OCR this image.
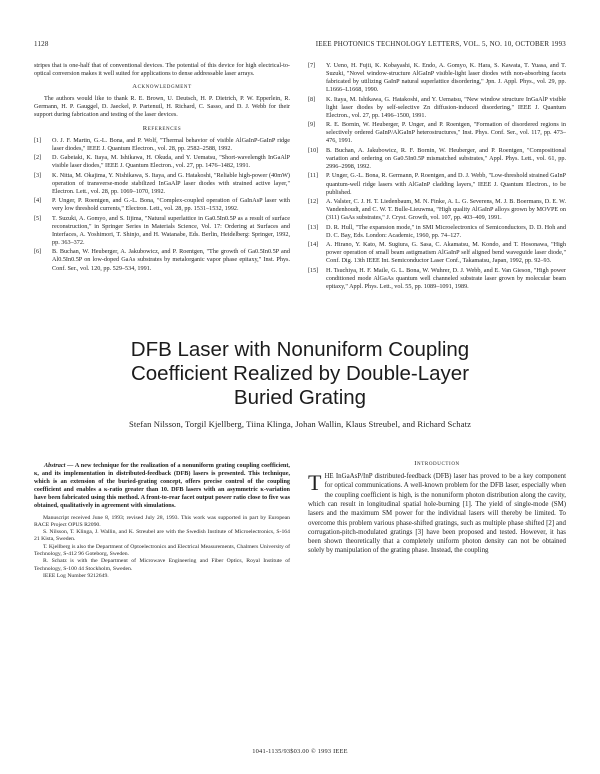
1128	IEEE PHOTONICS TECHNOLOGY LETTERS, VOL. 5, NO. 10, OCTOBER 1993

stripes that is one-half that of conventional devices. The potential of this device for high electrical-to-optical conversion makes it well suited for applications to dense addressable laser arrays.

Acknowledgment

The authors would like to thank R. E. Brown, U. Deutsch, H. P. Dietrich, P. W. Epperlein, R. Germann, H. P. Gauggel, D. Jaeckel, P. Partenuil, H. Richard, C. Sasso, and D. J. Webb for their support during fabrication and testing of the laser devices.

References
[1]	O. J. F. Martin, G.-L. Bona, and P. Wolf, "Thermal behavior of visible AlGaInP-GaInP ridge laser diodes," IEEE J. Quantum Electron., vol. 28, pp. 2582–2588, 1992.
[2]	D. Gabeiaki, K. Itaya, M. Ishikawa, H. Okuda, and Y. Uematsu, "Short-wavelength InGaAlP visible laser diodes," IEEE J. Quantum Electron., vol. 27, pp. 1476–1482, 1991.
[3]	K. Nitta, M. Okajima, Y. Nishikawa, S. Itaya, and G. Hatakoshi, "Reliable high-power (40mW) operation of transverse-mode stabilized InGaAlP laser diodes with strained active layer," Electron. Lett., vol. 28, pp. 1069–1070, 1992.
[4]	P. Unger, P. Roentgen, and G.-L. Bona, "Complex-coupled operation of GaInAsP laser with very low threshold currents," Electron. Lett., vol. 28, pp. 1531–1532, 1992.
[5]	T. Suzuki, A. Gomyo, and S. Iijima, "Natural superlattice in Ga0.5In0.5P as a result of surface reconstruction," in Springer Series in Materials Science, Vol. 17: Ordering at Surfaces and Interfaces, A. Yoshimori, T. Shinjo, and H. Watanabe, Eds. Berlin, Heidelberg: Springer, 1992, pp. 363–372.
[6]	B. Buchan, W. Heuberger, A. Jakubowicz, and P. Roentgen, "The growth of Ga0.5In0.5P and Al0.5In0.5P on low-doped GaAs substrates by metalorganic vapor phase epitaxy," Inst. Phys. Conf. Ser., vol. 120, pp. 529–534, 1991.
[7]	Y. Ueno, H. Fujii, K. Kobayashi, K. Endo, A. Gomyo, K. Hara, S. Kawata, T. Yuasa, and T. Suzuki, "Novel window-structure AlGaInP visible-light laser diodes with non-absorbing facets fabricated by utilizing GaInP natural superlattice disordering," Jpn. J. Appl. Phys., vol. 29, pp. L1666–L1668, 1990.
[8]	K. Itaya, M. Ishikawa, G. Hatakoshi, and Y. Uematsu, "New window structure InGaAlP visible light laser diodes by self-selective Zn diffusion-induced disordering," IEEE J. Quantum Electron., vol. 27, pp. 1496–1500, 1991.
[9]	R. E. Bornin, W. Heuberger, P. Unger, and P. Roentgen, "Formation of disordered regions in selectively ordered GaInP/AlGaInP heterostructures," Inst. Phys. Conf. Ser., vol. 117, pp. 473–476, 1991.
[10]	B. Buchan, A. Jakubowicz, R. F. Bornin, W. Heuberger, and P. Roentgen, "Compositional variation and ordering on Ga0.5In0.5P mismatched substrates," Appl. Phys. Lett., vol. 61, pp. 2996–2998, 1992.
[11]	P. Unger, G.-L. Bona, R. Germann, P. Roentgen, and D. J. Webb, "Low-threshold strained GaInP quantum-well ridge lasers with AlGaInP cladding layers," IEEE J. Quantum Electron., to be published.
[12]	A. Valster, C. J. H. T. Liedenbaum, M. N. Finke, A. L. G. Severens, M. J. B. Boermans, D. E. W. Vandenhoudt, and C. W. T. Bulle-Lieuwma, "High quality AlGaInP alloys grown by MOVPE on (311) GaAs substrates," J. Cryst. Growth, vol. 107, pp. 403–409, 1991.
[13]	D. R. Hull, "The expansion mode," in SMI Microelectronics of Semiconductors, D. D. Hoh and D. C. Bay, Eds. London: Academic, 1960, pp. 74–127.
[14]	A. Hirano, Y. Kato, M. Sugiura, G. Sasa, C. Akamatsu, M. Kondo, and T. Hosonawa, "High power operation of small beam astigmatism AlGaInP self aligned bend waveguide laser diode," Conf. Dig. 13th IEEE Int. Semiconductor Laser Conf., Takamatsu, Japan, 1992, pp. 92–93.
[15]	H. Tsuchiya, H. F. Maile, G. L. Bona, W. Wuhrer, D. J. Webb, and E. Van Gieson, "High power conditioned mode AlGaAs quantum well channeled substrate laser grown by molecular beam epitaxy," Appl. Phys. Lett., vol. 55, pp. 1089–1091, 1989.
DFB Laser with Nonuniform Coupling
Coefficient Realized by Double-Layer
Buried Grating
Stefan Nilsson, Torgil Kjellberg, Tiina Klinga, Johan Wallin, Klaus Streubel, and Richard Schatz

Abstract — A new technique for the realization of a nonuniform grating coupling coefficient, κ, and its implementation in distributed-feedback (DFB) lasers is presented. This technique, which is an extension of the buried-grating concept, offers precise control of the coupling coefficient and enables a κ-ratio greater than 10. DFB lasers with an asymmetric κ-variation have been fabricated using this method. A front-to-rear facet output power ratio close to five was obtained, qualitatively in agreement with simulations.

Manuscript received June 8, 1993; revised July 28, 1993. This work was supported in part by European RACE Project OPUS R2090.

S. Nilsson, T. Klinga, J. Wallin, and K. Streubel are with the Swedish Institute of Microelectronics, S-164 21 Kista, Sweden.

T. Kjellberg is also the Department of Optoelectronics and Electrical Measurements, Chalmers University of Technology, S-412 96 Goteborg, Sweden.

R. Schatz is with the Department of Microwave Engineering and Fiber Optics, Royal Institute of Technology, S-100 44 Stockholm, Sweden.

IEEE Log Number 9212649.

Introduction

THE InGaAsP/InP distributed-feedback (DFB) laser has proved to be a key component for optical communications. A well-known problem for the DFB laser, especially when the coupling coefficient is high, is the nonuniform photon distribution along the cavity, which can result in longitudinal spatial hole-burning [1]. The yield of single-mode (SM) lasers and the maximum SM power for the individual lasers will thereby be limited. To overcome this problem various phase-shifted gratings, such as multiple phase shifted [2] and corrugation-pitch-modulated gratings [3] have been proposed and tested. However, it has been shown theoretically that a completely uniform photon density can not be obtained solely by manipulation of the grating phase. Instead, the coupling

1041-1135/93$03.00 © 1993 IEEE
